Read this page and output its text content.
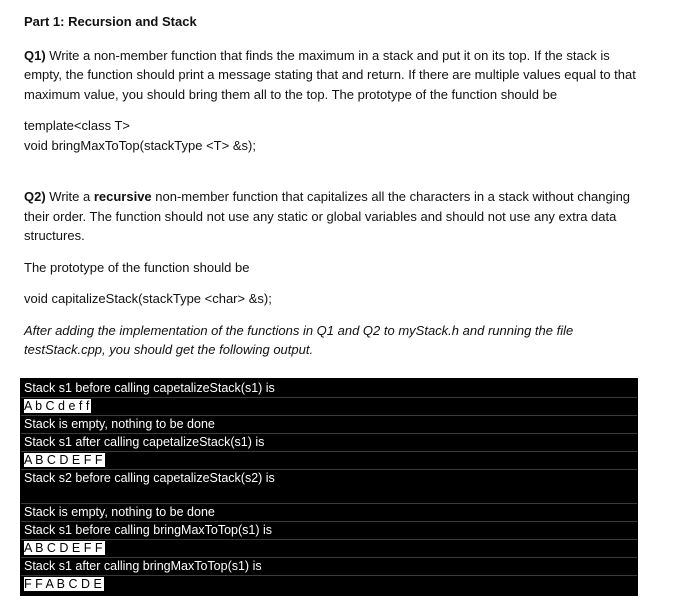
Part 1: Recursion and Stack
Q1) Write a non-member function that finds the maximum in a stack and put it on its top. If the stack is empty, the function should print a message stating that and return. If there are multiple values equal to that maximum value, you should bring them all to the top. The prototype of the function should be
template<class T>
void bringMaxToTop(stackType <T> &s);
Q2) Write a recursive non-member function that capitalizes all the characters in a stack without changing their order. The function should not use any static or global variables and should not use any extra data structures.
The prototype of the function should be
void capitalizeStack(stackType <char> &s);
After adding the implementation of the functions in Q1 and Q2 to myStack.h and running the file testStack.cpp, you should get the following output.
Stack s1 before calling capetalizeStack(s1) is
A b C d e f f
Stack is empty, nothing to be done
Stack s1 after calling capetalizeStack(s1) is
A B C D E F F
Stack s2 before calling capetalizeStack(s2) is
Stack is empty, nothing to be done
Stack s1 before calling bringMaxToTop(s1) is
A B C D E F F
Stack s1 after calling bringMaxToTop(s1) is
F F A B C D E
